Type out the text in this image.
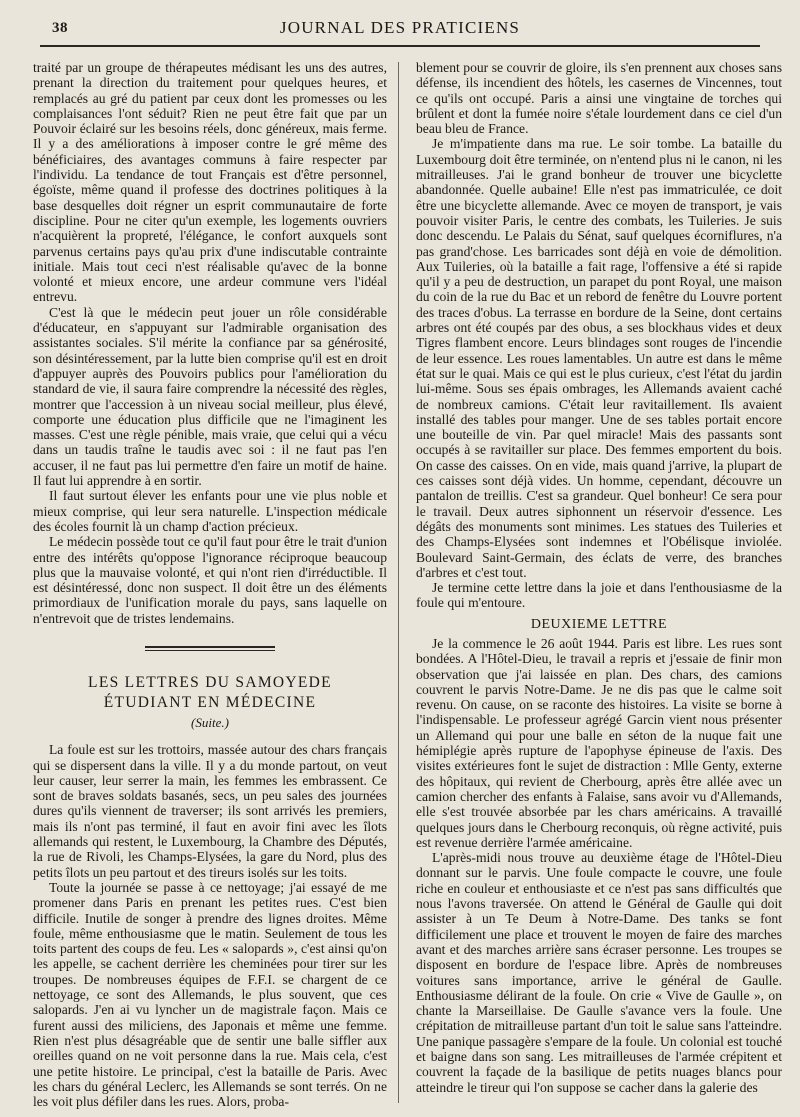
38	JOURNAL DES PRATICIENS

traité par un groupe de thérapeutes médisant les uns des autres, prenant la direction du traitement pour quelques heures, et remplacés au gré du patient par ceux dont les promesses ou les complaisances l'ont séduit? Rien ne peut être fait que par un Pouvoir éclairé sur les besoins réels, donc généreux, mais ferme. Il y a des améliorations à imposer contre le gré même des bénéficiaires, des avantages communs à faire respecter par l'individu. La tendance de tout Français est d'être personnel, égoïste, même quand il professe des doctrines politiques à la base desquelles doit régner un esprit communautaire de forte discipline. Pour ne citer qu'un exemple, les logements ouvriers n'acquièrent la propreté, l'élégance, le confort auxquels sont parvenus certains pays qu'au prix d'une indiscutable contrainte initiale. Mais tout ceci n'est réalisable qu'avec de la bonne volonté et mieux encore, une ardeur commune vers l'idéal entrevu.

C'est là que le médecin peut jouer un rôle considérable d'éducateur, en s'appuyant sur l'admirable organisation des assistantes sociales. S'il mérite la confiance par sa générosité, son désintéressement, par la lutte bien comprise qu'il est en droit d'appuyer auprès des Pouvoirs publics pour l'amélioration du standard de vie, il saura faire comprendre la nécessité des règles, montrer que l'accession à un niveau social meilleur, plus élevé, comporte une éducation plus difficile que ne l'imaginent les masses. C'est une règle pénible, mais vraie, que celui qui a vécu dans un taudis traîne le taudis avec soi : il ne faut pas l'en accuser, il ne faut pas lui permettre d'en faire un motif de haine. Il faut lui apprendre à en sortir.

Il faut surtout élever les enfants pour une vie plus noble et mieux comprise, qui leur sera naturelle. L'inspection médicale des écoles fournit là un champ d'action précieux.

Le médecin possède tout ce qu'il faut pour être le trait d'union entre des intérêts qu'oppose l'ignorance réciproque beaucoup plus que la mauvaise volonté, et qui n'ont rien d'irréductible. Il est désintéressé, donc non suspect. Il doit être un des éléments primordiaux de l'unification morale du pays, sans laquelle on n'entrevoit que de tristes lendemains.

LES LETTRES DU SAMOYEDE
ÉTUDIANT EN MÉDECINE
(Suite.)

La foule est sur les trottoirs, massée autour des chars français qui se dispersent dans la ville. Il y a du monde partout, on veut leur causer, leur serrer la main, les femmes les embrassent. Ce sont de braves soldats basanés, secs, un peu sales des journées dures qu'ils viennent de traverser; ils sont arrivés les premiers, mais ils n'ont pas terminé, il faut en avoir fini avec les îlots allemands qui restent, le Luxembourg, la Chambre des Députés, la rue de Rivoli, les Champs-Elysées, la gare du Nord, plus des petits îlots un peu partout et des tireurs isolés sur les toits.

Toute la journée se passe à ce nettoyage; j'ai essayé de me promener dans Paris en prenant les petites rues. C'est bien difficile. Inutile de songer à prendre des lignes droites. Même foule, même enthousiasme que le matin. Seulement de tous les toits partent des coups de feu. Les « salopards », c'est ainsi qu'on les appelle, se cachent derrière les cheminées pour tirer sur les troupes. De nombreuses équipes de F.F.I. se chargent de ce nettoyage, ce sont des Allemands, le plus souvent, que ces salopards. J'en ai vu lyncher un de magistrale façon. Mais ce furent aussi des miliciens, des Japonais et même une femme. Rien n'est plus désagréable que de sentir une balle siffler aux oreilles quand on ne voit personne dans la rue. Mais cela, c'est une petite histoire. Le principal, c'est la bataille de Paris. Avec les chars du général Leclerc, les Allemands se sont terrés. On ne les voit plus défiler dans les rues. Alors, proba-

blement pour se couvrir de gloire, ils s'en prennent aux choses sans défense, ils incendient des hôtels, les casernes de Vincennes, tout ce qu'ils ont occupé. Paris a ainsi une vingtaine de torches qui brûlent et dont la fumée noire s'étale lourdement dans ce ciel d'un beau bleu de France.

Je m'impatiente dans ma rue. Le soir tombe. La bataille du Luxembourg doit être terminée, on n'entend plus ni le canon, ni les mitrailleuses. J'ai le grand bonheur de trouver une bicyclette abandonnée. Quelle aubaine! Elle n'est pas immatriculée, ce doit être une bicyclette allemande. Avec ce moyen de transport, je vais pouvoir visiter Paris, le centre des combats, les Tuileries. Je suis donc descendu. Le Palais du Sénat, sauf quelques écorniflures, n'a pas grand'chose. Les barricades sont déjà en voie de démolition. Aux Tuileries, où la bataille a fait rage, l'offensive a été si rapide qu'il y a peu de destruction, un parapet du pont Royal, une maison du coin de la rue du Bac et un rebord de fenêtre du Louvre portent des traces d'obus. La terrasse en bordure de la Seine, dont certains arbres ont été coupés par des obus, a ses blockhaus vides et deux Tigres flambent encore. Leurs blindages sont rouges de l'incendie de leur essence. Les roues lamentables. Un autre est dans le même état sur le quai. Mais ce qui est le plus curieux, c'est l'état du jardin lui-même. Sous ses épais ombrages, les Allemands avaient caché de nombreux camions. C'était leur ravitaillement. Ils avaient installé des tables pour manger. Une de ses tables portait encore une bouteille de vin. Par quel miracle! Mais des passants sont occupés à se ravitailler sur place. Des femmes emportent du bois. On casse des caisses. On en vide, mais quand j'arrive, la plupart de ces caisses sont déjà vides. Un homme, cependant, découvre un pantalon de treillis. C'est sa grandeur. Quel bonheur! Ce sera pour le travail. Deux autres siphonnent un réservoir d'essence. Les dégâts des monuments sont minimes. Les statues des Tuileries et des Champs-Elysées sont indemnes et l'Obélisque inviolée. Boulevard Saint-Germain, des éclats de verre, des branches d'arbres et c'est tout.

Je termine cette lettre dans la joie et dans l'enthousiasme de la foule qui m'entoure.

DEUXIEME LETTRE

Je la commence le 26 août 1944. Paris est libre. Les rues sont bondées. A l'Hôtel-Dieu, le travail a repris et j'essaie de finir mon observation que j'ai laissée en plan. Des chars, des camions couvrent le parvis Notre-Dame. Je ne dis pas que le calme soit revenu. On cause, on se raconte des histoires. La visite se borne à l'indispensable. Le professeur agrégé Garcin vient nous présenter un Allemand qui pour une balle en séton de la nuque fait une hémiplégie après rupture de l'apophyse épineuse de l'axis. Des visites extérieures font le sujet de distraction : Mlle Genty, externe des hôpitaux, qui revient de Cherbourg, après être allée avec un camion chercher des enfants à Falaise, sans avoir vu d'Allemands, elle s'est trouvée absorbée par les chars américains. A travaillé quelques jours dans le Cherbourg reconquis, où règne activité, puis est revenue derrière l'armée américaine.

L'après-midi nous trouve au deuxième étage de l'Hôtel-Dieu donnant sur le parvis. Une foule compacte le couvre, une foule riche en couleur et enthousiaste et ce n'est pas sans difficultés que nous l'avons traversée. On attend le Général de Gaulle qui doit assister à un Te Deum à Notre-Dame. Des tanks se font difficilement une place et trouvent le moyen de faire des marches avant et des marches arrière sans écraser personne. Les troupes se disposent en bordure de l'espace libre. Après de nombreuses voitures sans importance, arrive le général de Gaulle. Enthousiasme délirant de la foule. On crie « Vive de Gaulle », on chante la Marseillaise. De Gaulle s'avance vers la foule. Une crépitation de mitrailleuse partant d'un toit le salue sans l'atteindre. Une panique passagère s'empare de la foule. Un colonial est touché et baigne dans son sang. Les mitrailleuses de l'armée crépitent et couvrent la façade de la basilique de petits nuages blancs pour atteindre le tireur qui l'on suppose se cacher dans la galerie des
